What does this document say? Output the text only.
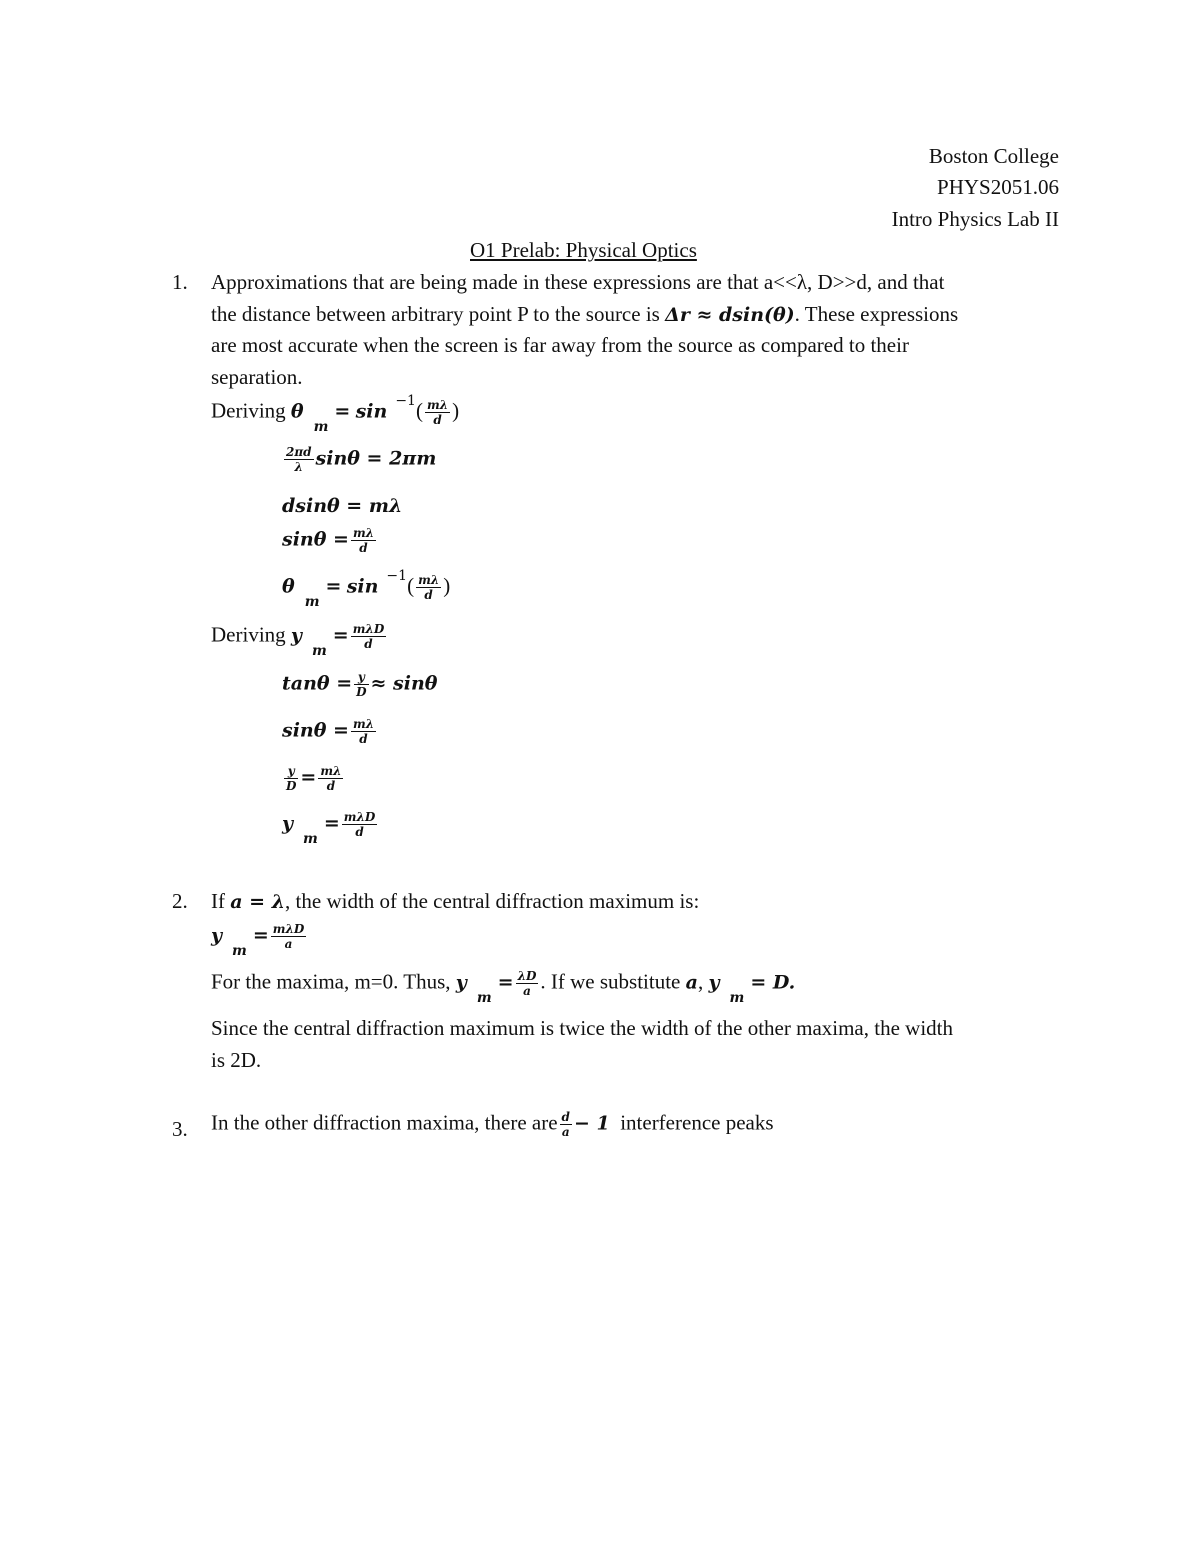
Boston College
PHYS2051.06
Intro Physics Lab II
O1 Prelab: Physical Optics
1. Approximations that are being made in these expressions are that a<<λ, D>>d, and that
the distance between arbitrary point P to the source is Δr ≈ dsin(θ). These expressions
are most accurate when the screen is far away from the source as compared to their
separation.
Deriving $\theta_m= \sin ^{-1}( \frac{m\lambda}{d}$ )
$\frac{2\pi d}{\lambda}$ sinθ = 2πm
dsinθ = mλ
$\sin\theta = \frac{m\lambda}{d}$
$\theta_m= \sin ^{-1}( \frac{m\lambda}{d}$ )
Deriving $y_m= \frac{\text{mλD}}{d}$
$\tan\theta = \frac{y}{D} \approx \sin\theta$
$\sin\theta = \frac{m\lambda}{d}$
$\frac{y}{D} = \frac{m\lambda}{d}$
$y_m= \frac{\text{mλD}}{d}$
2. If a = λ, the width of the central diffraction maximum is:
$y_m= \frac{\text{mλD}}{a}$
For the maxima, m=0. Thus, $y_m= \frac{\lambda D}{a}$ . If we substitute a, $y_m= D$.
Since the central diffraction maximum is twice the width of the other maxima, the width
is 2D.
3. In the other diffraction maxima, there are $\frac{d}{a} - 1$ interference peaks
